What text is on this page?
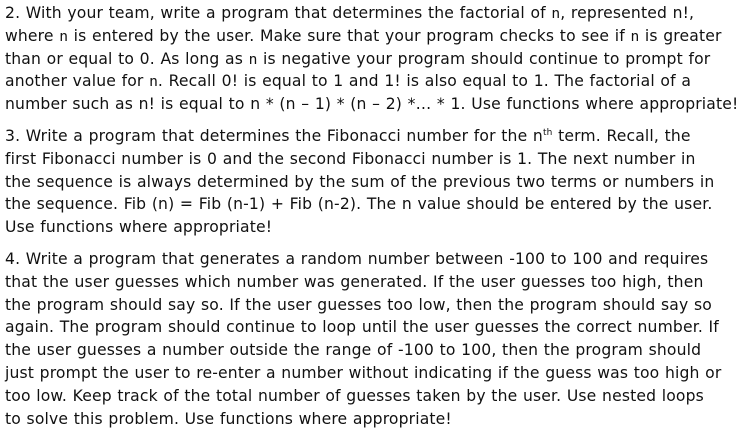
2. With your team, write a program that determines the factorial of n, represented n!,
where n is entered by the user. Make sure that your program checks to see if n is greater
than or equal to 0. As long as n is negative your program should continue to prompt for
another value for n. Recall 0! is equal to 1 and 1! is also equal to 1. The factorial of a
number such as n! is equal to n * (n – 1) * (n – 2) *… * 1. Use functions where appropriate!
3. Write a program that determines the Fibonacci number for the $n^{th}$ term. Recall, the
first Fibonacci number is 0 and the second Fibonacci number is 1. The next number in
the sequence is always determined by the sum of the previous two terms or numbers in
the sequence. Fib (n) = Fib (n-1) + Fib (n-2). The n value should be entered by the user.
Use functions where appropriate!
4. Write a program that generates a random number between -100 to 100 and requires
that the user guesses which number was generated. If the user guesses too high, then
the program should say so. If the user guesses too low, then the program should say so
again. The program should continue to loop until the user guesses the correct number. If
the user guesses a number outside the range of -100 to 100, then the program should
just prompt the user to re-enter a number without indicating if the guess was too high or
too low. Keep track of the total number of guesses taken by the user. Use nested loops
to solve this problem. Use functions where appropriate!
